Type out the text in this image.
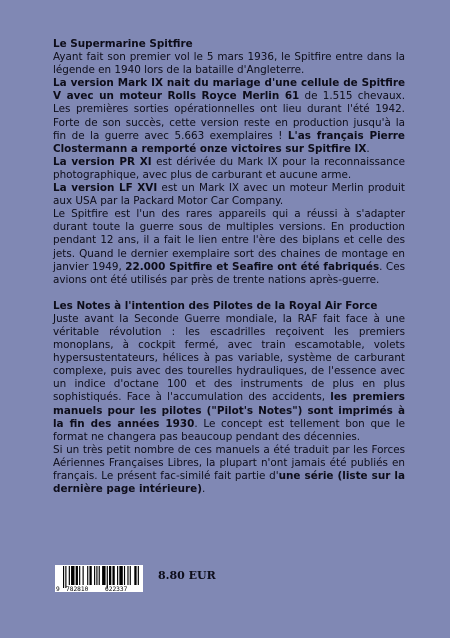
Le Supermarine Spitfire

Ayant fait son premier vol le 5 mars 1936, le Spitfire entre dans la légende en 1940 lors de la bataille d'Angleterre.

La version Mark IX nait du mariage d'une cellule de Spitfire V avec un moteur Rolls Royce Merlin 61 de 1.515 chevaux. Les premières sorties opérationnelles ont lieu durant l'été 1942. Forte de son succès, cette version reste en production jusqu'à la fin de la guerre avec 5.663 exemplaires ! L'as français Pierre Clostermann a remporté onze victoires sur Spitfire IX.

La version PR XI est dérivée du Mark IX pour la reconnaissance photographique, avec plus de carburant et aucune arme.

La version LF XVI est un Mark IX avec un moteur Merlin produit aux USA par la Packard Motor Car Company.

Le Spitfire est l'un des rares appareils qui a réussi à s'adapter durant toute la guerre sous de multiples versions. En production pendant 12 ans, il a fait le lien entre l'ère des biplans et celle des jets. Quand le dernier exemplaire sort des chaines de montage en janvier 1949, 22.000 Spitfire et Seafire ont été fabriqués. Ces avions ont été utilisés par près de trente nations après-guerre.

Les Notes à l'intention des Pilotes de la Royal Air Force

Juste avant la Seconde Guerre mondiale, la RAF fait face à une véritable révolution : les escadrilles reçoivent les premiers monoplans, à cockpit fermé, avec train escamotable, volets hypersustentateurs, hélices à pas variable, système de carburant complexe, puis avec des tourelles hydrauliques, de l'essence avec un indice d'octane 100 et des instruments de plus en plus sophistiqués. Face à l'accumulation des accidents, les premiers manuels pour les pilotes ("Pilot's Notes") sont imprimés à la fin des années 1930. Le concept est tellement bon que le format ne changera pas beaucoup pendant des décennies.

Si un très petit nombre de ces manuels a été traduit par les Forces Aériennes Françaises Libres, la plupart n'ont jamais été publiés en français. Le présent fac-similé fait partie d'une série (liste sur la dernière page intérieure).

9 782810	622337
8.80 EUR
